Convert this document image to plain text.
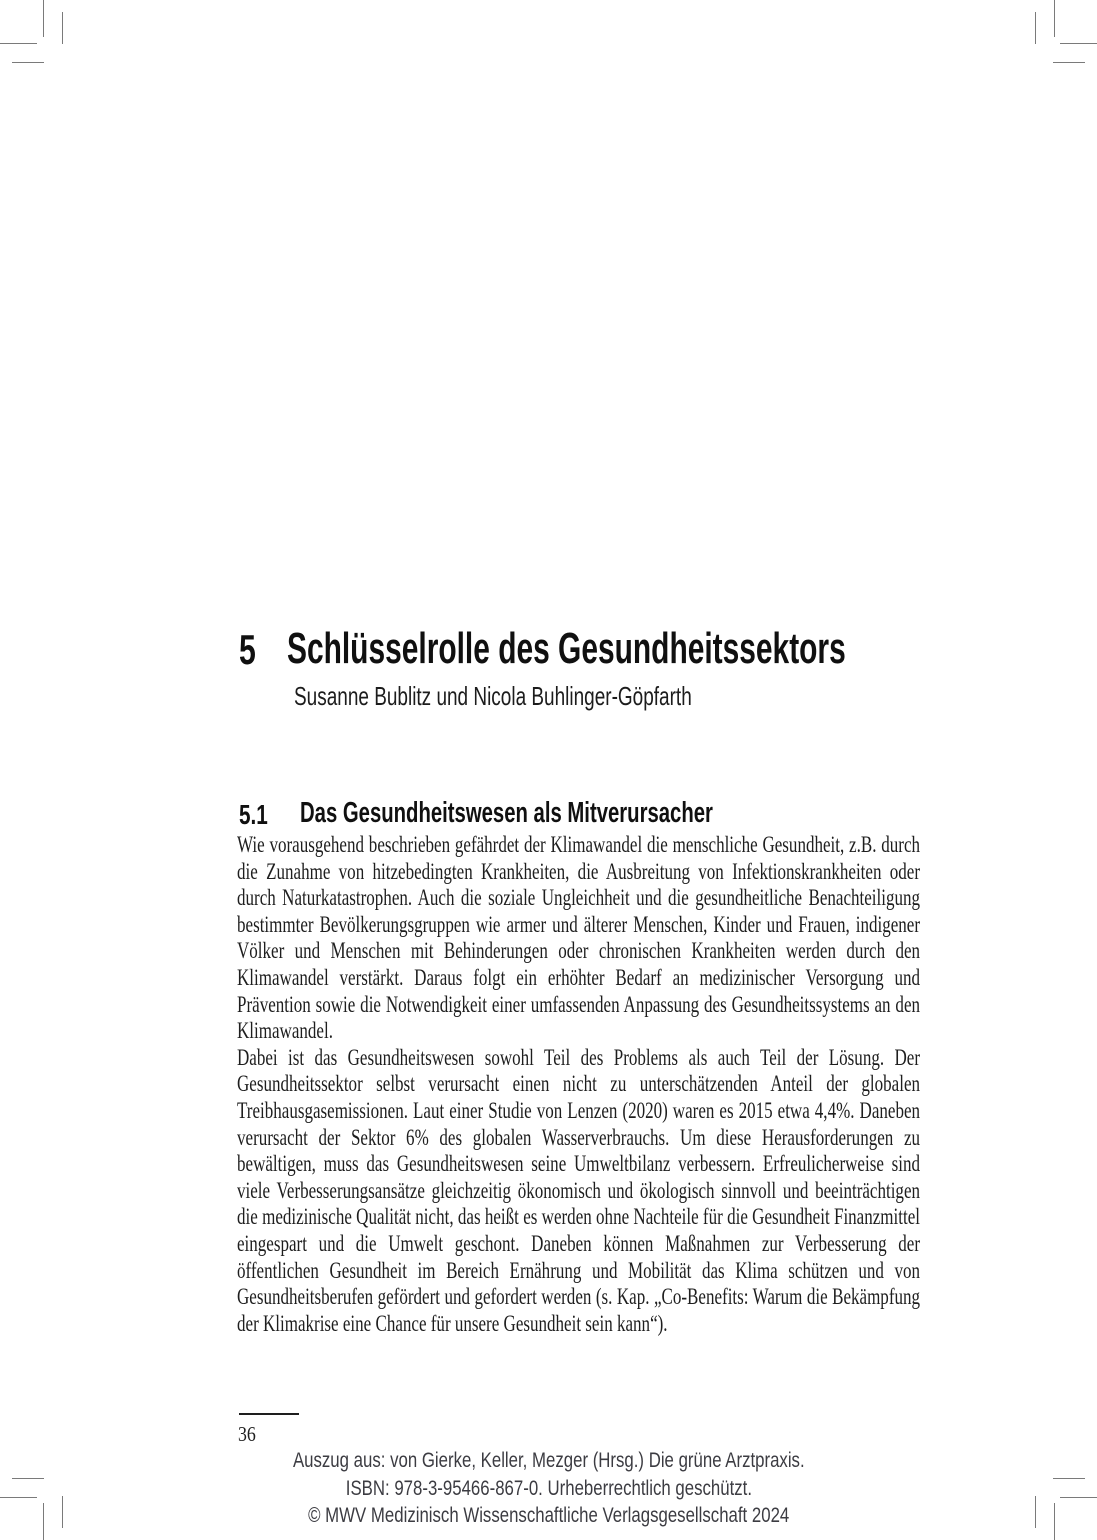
5 Schlüsselrolle des Gesundheitssektors
Susanne Bublitz und Nicola Buhlinger-Göpfarth
5.1 Das Gesundheitswesen als Mitverursacher

Wie vorausgehend beschrieben gefährdet der Klimawandel die menschliche Gesundheit, z.B. durch die Zunahme von hitzebedingten Krankheiten, die Ausbreitung von Infektionskrankheiten oder durch Naturkatastrophen. Auch die soziale Ungleichheit und die gesundheitliche Benachteiligung bestimmter Bevölkerungsgruppen wie armer und älterer Menschen, Kinder und Frauen, indigener Völker und Menschen mit Behinderungen oder chronischen Krankheiten werden durch den Klimawandel verstärkt. Daraus folgt ein erhöhter Bedarf an medizinischer Versorgung und Prävention sowie die Notwendigkeit einer umfassenden Anpassung des Gesundheitssystems an den Klimawandel.

Dabei ist das Gesundheitswesen sowohl Teil des Problems als auch Teil der Lösung. Der Gesundheitssektor selbst verursacht einen nicht zu unterschätzenden Anteil der globalen Treibhausgasemissionen. Laut einer Studie von Lenzen (2020) waren es 2015 etwa 4,4%. Daneben verursacht der Sektor 6% des globalen Wasserverbrauchs. Um diese Herausforderungen zu bewältigen, muss das Gesundheitswesen seine Umweltbilanz verbessern. Erfreulicherweise sind viele Verbesserungsansätze gleichzeitig ökonomisch und ökologisch sinnvoll und beeinträchtigen die medizinische Qualität nicht, das heißt es werden ohne Nachteile für die Gesundheit Finanzmittel eingespart und die Umwelt geschont. Daneben können Maßnahmen zur Verbesserung der öffentlichen Gesundheit im Bereich Ernährung und Mobilität das Klima schützen und von Gesundheitsberufen gefördert und gefordert werden (s. Kap. „Co-Benefits: Warum die Bekämpfung der Klimakrise eine Chance für unsere Gesundheit sein kann“).

36
Auszug aus: von Gierke, Keller, Mezger (Hrsg.) Die grüne Arztpraxis.
ISBN: 978-3-95466-867-0. Urheberrechtlich geschützt.
© MWV Medizinisch Wissenschaftliche Verlagsgesellschaft 2024
